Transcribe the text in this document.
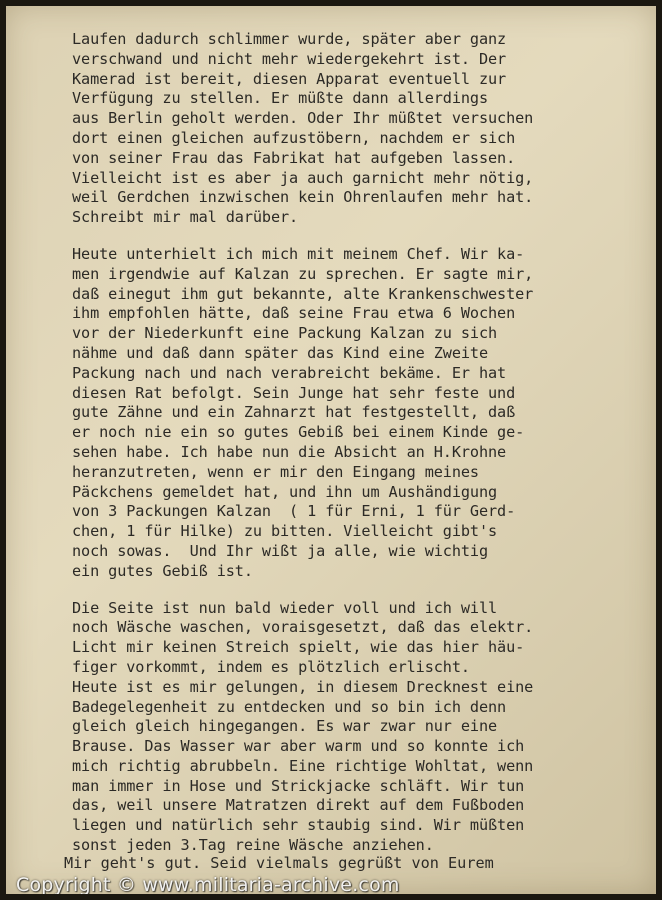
Laufen dadurch schlimmer wurde, später aber ganz
verschwand und nicht mehr wiedergekehrt ist. Der
Kamerad ist bereit, diesen Apparat eventuell zur
Verfügung zu stellen. Er müßte dann allerdings
aus Berlin geholt werden. Oder Ihr müßtet versuchen
dort einen gleichen aufzustöbern, nachdem er sich
von seiner Frau das Fabrikat hat aufgeben lassen.
Vielleicht ist es aber ja auch garnicht mehr nötig,
weil Gerdchen inzwischen kein Ohrenlaufen mehr hat.
Schreibt mir mal darüber.
Heute unterhielt ich mich mit meinem Chef. Wir ka-
men irgendwie auf Kalzan zu sprechen. Er sagte mir,
daß einegut ihm gut bekannte, alte Krankenschwester
ihm empfohlen hätte, daß seine Frau etwa 6 Wochen
vor der Niederkunft eine Packung Kalzan zu sich
nähme und daß dann später das Kind eine Zweite
Packung nach und nach verabreicht bekäme. Er hat
diesen Rat befolgt. Sein Junge hat sehr feste und
gute Zähne und ein Zahnarzt hat festgestellt, daß
er noch nie ein so gutes Gebiß bei einem Kinde ge-
sehen habe. Ich habe nun die Absicht an H.Krohne
heranzutreten, wenn er mir den Eingang meines
Päckchens gemeldet hat, und ihn um Aushändigung
von 3 Packungen Kalzan  ( 1 für Erni, 1 für Gerd-
chen, 1 für Hilke) zu bitten. Vielleicht gibt's
noch sowas.  Und Ihr wißt ja alle, wie wichtig
ein gutes Gebiß ist.
Die Seite ist nun bald wieder voll und ich will
noch Wäsche waschen, voraisgesetzt, daß das elektr.
Licht mir keinen Streich spielt, wie das hier häu-
figer vorkommt, indem es plötzlich erlischt.
Heute ist es mir gelungen, in diesem Drecknest eine
Badegelegenheit zu entdecken und so bin ich denn
gleich gleich hingegangen. Es war zwar nur eine
Brause. Das Wasser war aber warm und so konnte ich
mich richtig abrubbeln. Eine richtige Wohltat, wenn
man immer in Hose und Strickjacke schläft. Wir tun
das, weil unsere Matratzen direkt auf dem Fußboden
liegen und natürlich sehr staubig sind. Wir müßten
sonst jeden 3.Tag reine Wäsche anziehen.
Mir geht's gut. Seid vielmals gegrüßt von Eurem
Copyright © www.militaria-archive.com
